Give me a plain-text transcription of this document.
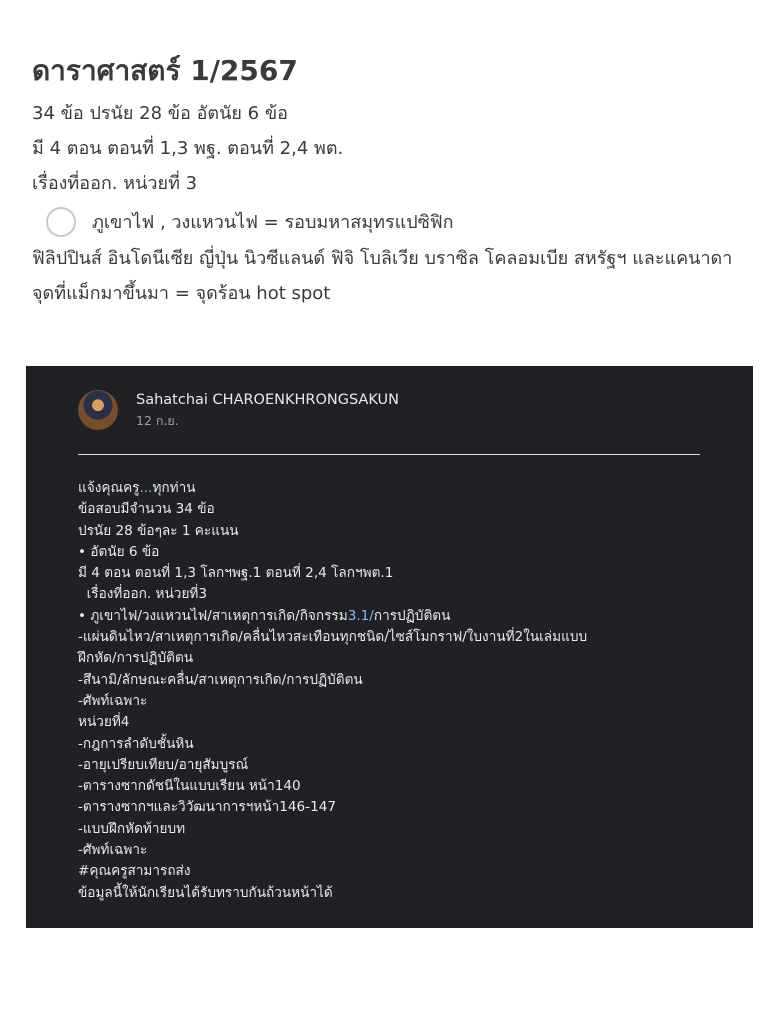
ดาราศาสตร์ 1/2567
34 ข้อ ปรนัย 28 ข้อ อัตนัย 6 ข้อ
มี 4 ตอน ตอนที่ 1,3 พฐ. ตอนที่ 2,4 พต.
เรื่องที่ออก. หน่วยที่ 3
ภูเขาไฟ , วงแหวนไฟ = รอบมหาสมุทรแปซิฟิก
ฟิลิปปินส์ อินโดนีเซีย ญี่ปุ่น นิวซีแลนด์ ฟิจิ โบลิเวีย บราซิล โคลอมเบีย สหรัฐฯ และแคนาดา
จุดที่แม็กมาขึ้นมา = จุดร้อน hot spot
Sahatchai CHAROENKHRONGSAKUN
12 ก.ย.
แจ้งคุณครู...ทุกท่าน
ข้อสอบมีจำนวน 34 ข้อ
ปรนัย 28 ข้อๆละ 1 คะแนน
• อัตนัย 6 ข้อ
มี 4 ตอน ตอนที่ 1,3 โลกฯพฐ.1 ตอนที่ 2,4 โลกฯพต.1
เรื่องที่ออก. หน่วยที่3
• ภูเขาไฟ/วงแหวนไฟ/สาเหตุการเกิด/กิจกรรม3.1/การปฏิบัติตน
-แผ่นดินไหว/สาเหตุการเกิด/คลื่นไหวสะเทือนทุกชนิด/ไซส์โมกราฟ/ใบงานที่2ในเล่มแบบ
ฝึกหัด/การปฏิบัติตน
-สึนามิ/ลักษณะคลื่น/สาเหตุการเกิด/การปฏิบัติตน
-ศัพท์เฉพาะ
หน่วยที่4
-กฎการลำดับชั้นหิน
-อายุเปรียบเทียบ/อายุสัมบูรณ์
-ตารางซากดัชนีในแบบเรียน หน้า140
-ตารางซากฯและวิวัฒนาการฯหน้า146-147
-แบบฝึกหัดท้ายบท
-ศัพท์เฉพาะ
#คุณครูสามารถส่ง
ข้อมูลนี้ให้นักเรียนได้รับทราบกันถ้วนหน้าได้
